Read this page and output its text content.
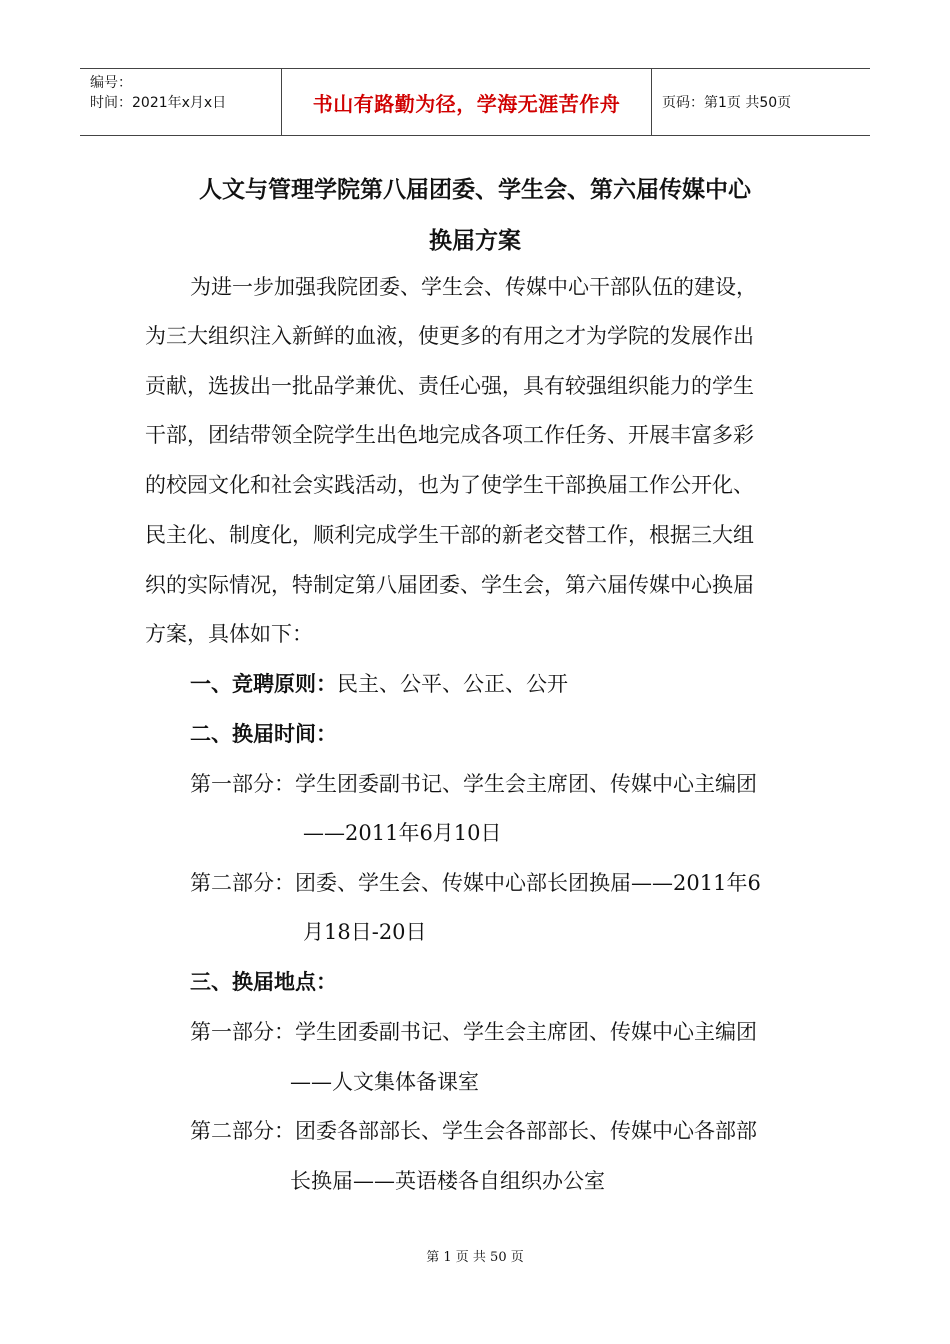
编号：
时间：2021年x月x日	书山有路勤为径，学海无涯苦作舟	页码：第1页 共50页
人文与管理学院第八届团委、学生会、第六届传媒中心
换届方案
为进一步加强我院团委、学生会、传媒中心干部队伍的建设，
为三大组织注入新鲜的血液，使更多的有用之才为学院的发展作出
贡献，选拔出一批品学兼优、责任心强，具有较强组织能力的学生
干部，团结带领全院学生出色地完成各项工作任务、开展丰富多彩
的校园文化和社会实践活动，也为了使学生干部换届工作公开化、
民主化、制度化，顺利完成学生干部的新老交替工作，根据三大组
织的实际情况，特制定第八届团委、学生会，第六届传媒中心换届
方案，具体如下：
一、竞聘原则：民主、公平、公正、公开
二、换届时间：
第一部分：学生团委副书记、学生会主席团、传媒中心主编团
——2011年6月10日
第二部分：团委、学生会、传媒中心部长团换届——2011年6
月18日-20日
三、换届地点：
第一部分：学生团委副书记、学生会主席团、传媒中心主编团
——人文集体备课室
第二部分：团委各部部长、学生会各部部长、传媒中心各部部
长换届——英语楼各自组织办公室
第 1 页 共 50 页
